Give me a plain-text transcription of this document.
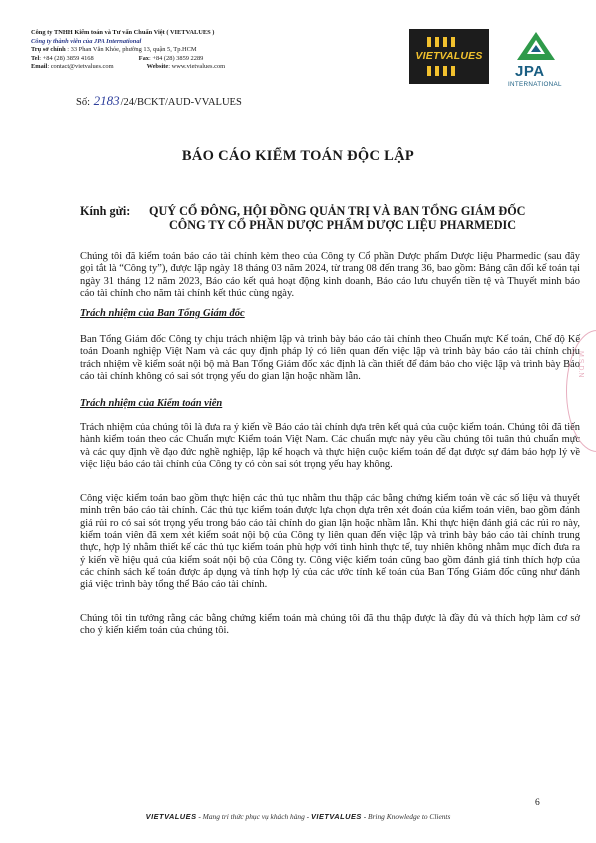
Công ty TNHH Kiểm toán và Tư vấn Chuẩn Việt ( VIETVALUES )
Công ty thành viên của JPA International
Trụ sở chính : 33 Phan Văn Khỏe, phường 13, quận 5, Tp.HCM
Tel: +84 (28) 3859 4168	Fax: +84 (28) 3859 2289
Email: contact@vietvalues.com	Website: www.vietvalues.com
VIETVALUES
JPA
INTERNATIONAL
Số: 2183/24/BCKT/AUD-VVALUES
BÁO CÁO KIỂM TOÁN ĐỘC LẬP
Kính gửi: QUÝ CỔ ĐÔNG, HỘI ĐỒNG QUẢN TRỊ VÀ BAN TỔNG GIÁM ĐỐC
CÔNG TY CỔ PHẦN DƯỢC PHẨM DƯỢC LIỆU PHARMEDIC

Chúng tôi đã kiểm toán báo cáo tài chính kèm theo của Công ty Cổ phần Dược phẩm Dược liệu Pharmedic (sau đây gọi tắt là “Công ty”), được lập ngày 18 tháng 03 năm 2024, từ trang 08 đến trang 36, bao gồm: Bảng cân đối kế toán tại ngày 31 tháng 12 năm 2023, Báo cáo kết quả hoạt động kinh doanh, Báo cáo lưu chuyển tiền tệ và Thuyết minh báo cáo tài chính cho năm tài chính kết thúc cùng ngày.

Trách nhiệm của Ban Tổng Giám đốc

Ban Tổng Giám đốc Công ty chịu trách nhiệm lập và trình bày báo cáo tài chính theo Chuẩn mực Kế toán, Chế độ Kế toán Doanh nghiệp Việt Nam và các quy định pháp lý có liên quan đến việc lập và trình bày báo cáo tài chính chịu trách nhiệm về kiểm soát nội bộ mà Ban Tổng Giám đốc xác định là cần thiết để đảm bảo cho việc lập và trình bày Báo cáo tài chính không có sai sót trọng yếu do gian lận hoặc nhầm lẫn.

Trách nhiệm của Kiểm toán viên

Trách nhiệm của chúng tôi là đưa ra ý kiến về Báo cáo tài chính dựa trên kết quả của cuộc kiểm toán. Chúng tôi đã tiến hành kiểm toán theo các Chuẩn mực Kiểm toán Việt Nam. Các chuẩn mực này yêu cầu chúng tôi tuân thủ chuẩn mực và các quy định về đạo đức nghề nghiệp, lập kế hoạch và thực hiện cuộc kiểm toán để đạt được sự đảm bảo hợp lý về việc liệu báo cáo tài chính của Công ty có còn sai sót trọng yếu hay không.

Công việc kiểm toán bao gồm thực hiện các thủ tục nhằm thu thập các bằng chứng kiểm toán về các số liệu và thuyết minh trên báo cáo tài chính. Các thủ tục kiểm toán được lựa chọn dựa trên xét đoán của kiểm toán viên, bao gồm đánh giá rủi ro có sai sót trọng yếu trong báo cáo tài chính do gian lận hoặc nhầm lẫn. Khi thực hiện đánh giá các rủi ro này, kiểm toán viên đã xem xét kiểm soát nội bộ của Công ty liên quan đến việc lập và trình bày báo cáo tài chính trung thực, hợp lý nhằm thiết kế các thủ tục kiểm toán phù hợp với tình hình thực tế, tuy nhiên không nhằm mục đích đưa ra ý kiến về hiệu quả của kiểm soát nội bộ của Công ty. Công việc kiểm toán cũng bao gồm đánh giá tính thích hợp của các chính sách kế toán được áp dụng và tính hợp lý của các ước tính kế toán của Ban Tổng Giám đốc cũng như đánh giá việc trình bày tổng thể Báo cáo tài chính.

Chúng tôi tin tưởng rằng các bằng chứng kiểm toán mà chúng tôi đã thu thập được là đầy đủ và thích hợp làm cơ sở cho ý kiến kiểm toán của chúng tôi.

M.S.D.N
6
VIETVALUES - Mang tri thức phục vụ khách hàng - VIETVALUES - Bring Knowledge to Clients
